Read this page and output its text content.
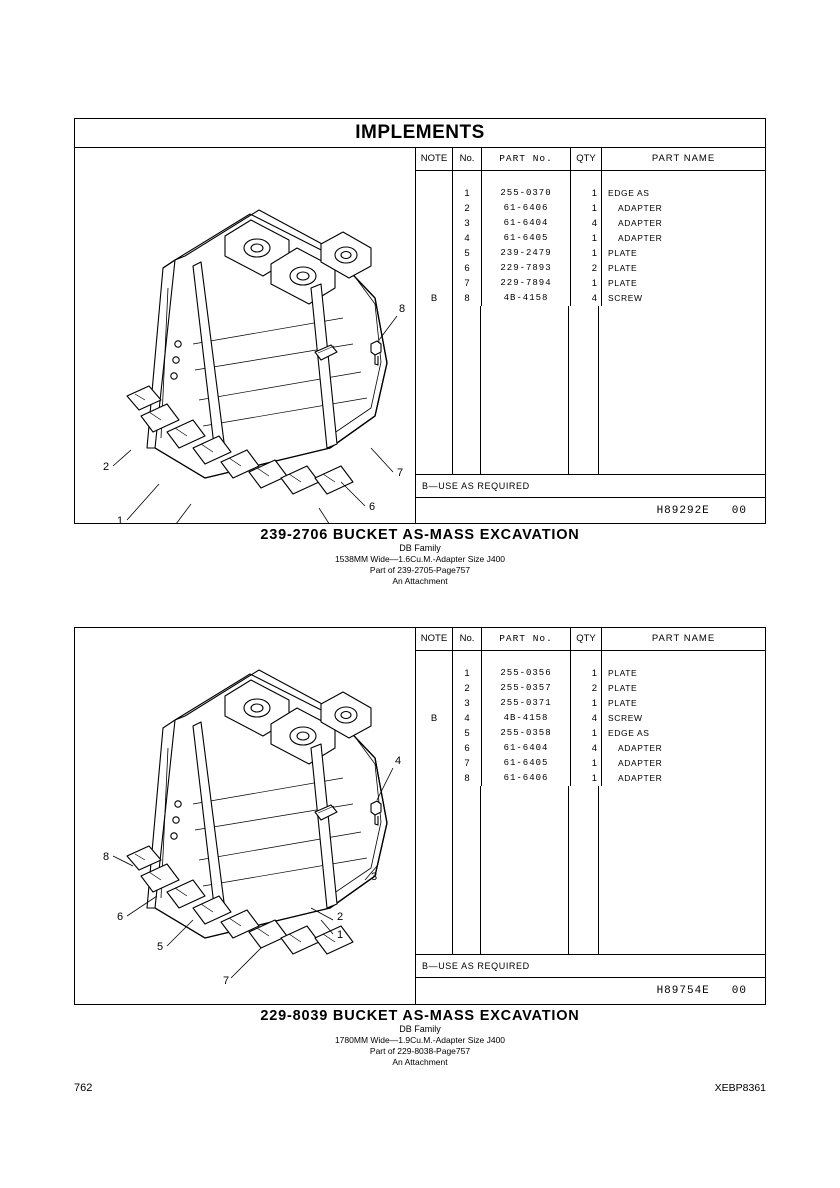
IMPLEMENTS
2
1
6
7
8
NOTE	No.	PART No.	QTY	PART NAME

	1	255-0370	1	EDGE AS
	2	61-6406	1	ADAPTER
	3	61-6404	4	ADAPTER
	4	61-6405	1	ADAPTER
	5	239-2479	1	PLATE
	6	229-7893	2	PLATE
	7	229-7894	1	PLATE
B	8	4B-4158	4	SCREW
B—USE AS REQUIRED
H89292E 00
239-2706 BUCKET AS-MASS EXCAVATION
DB Family
1538MM Wide—1.6Cu.M.-Adapter Size J400
Part of 239-2705-Page757
An Attachment
8
6
5
7
1
2
3
4
NOTE	No.	PART No.	QTY	PART NAME

	1	255-0356	1	PLATE
	2	255-0357	2	PLATE
	3	255-0371	1	PLATE
B	4	4B-4158	4	SCREW
	5	255-0358	1	EDGE AS
	6	61-6404	4	ADAPTER
	7	61-6405	1	ADAPTER
	8	61-6406	1	ADAPTER
B—USE AS REQUIRED
H89754E 00
229-8039 BUCKET AS-MASS EXCAVATION
DB Family
1780MM Wide—1.9Cu.M.-Adapter Size J400
Part of 229-8038-Page757
An Attachment
762	XEBP8361
